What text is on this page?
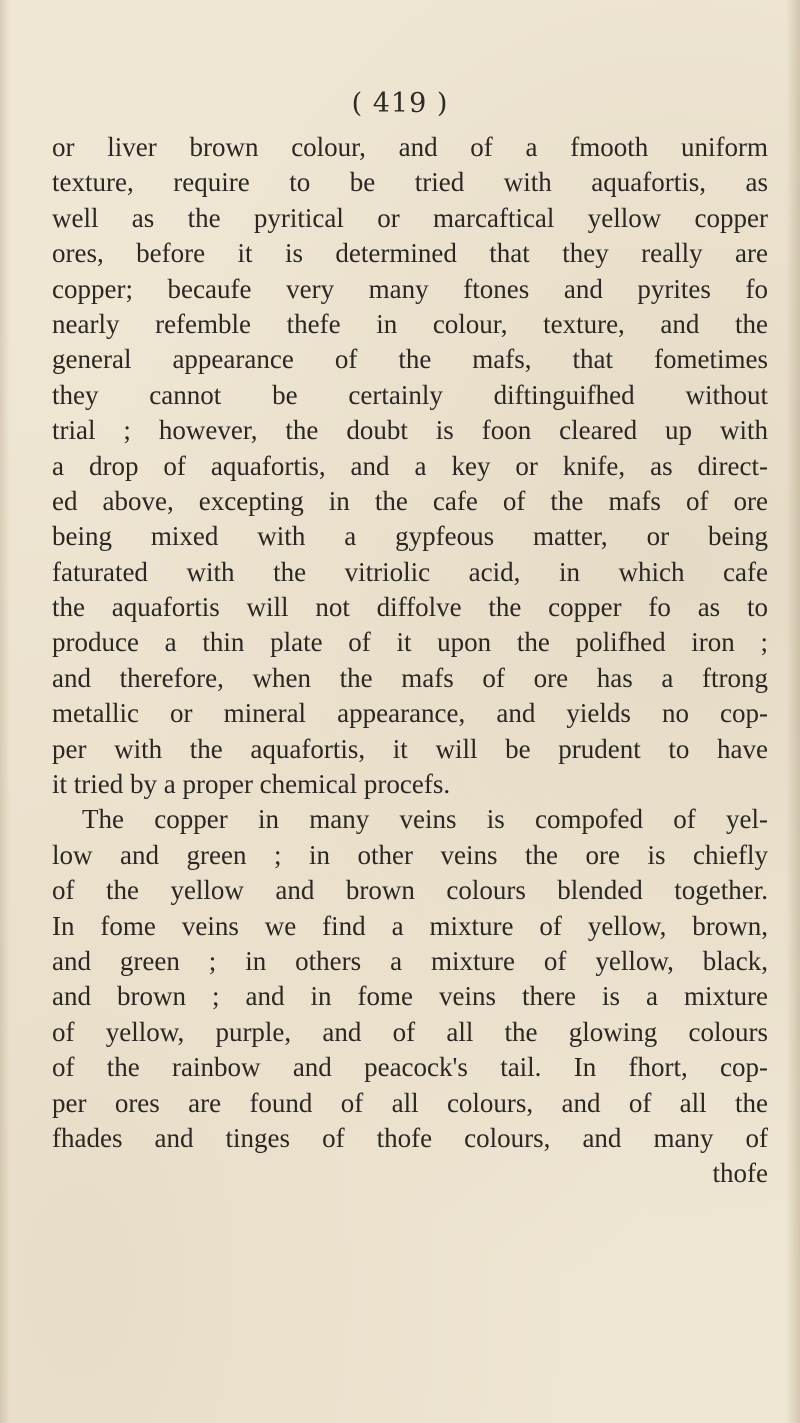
( 419 )
or liver brown colour, and of a fmooth uniform
texture, require to be tried with aquafortis, as
well as the pyritical or marcaftical yellow copper
ores, before it is determined that they really are
copper; becaufe very many ftones and pyrites fo
nearly refemble thefe in colour, texture, and the
general appearance of the mafs, that fometimes
they cannot be certainly diftinguifhed without
trial ; however, the doubt is foon cleared up with
a drop of aquafortis, and a key or knife, as direct-
ed above, excepting in the cafe of the mafs of ore
being mixed with a gypfeous matter, or being
faturated with the vitriolic acid, in which cafe
the aquafortis will not diffolve the copper fo as to
produce a thin plate of it upon the polifhed iron ;
and therefore, when the mafs of ore has a ftrong
metallic or mineral appearance, and yields no cop-
per with the aquafortis, it will be prudent to have
it tried by a proper chemical procefs.
The copper in many veins is compofed of yel-
low and green ; in other veins the ore is chiefly
of the yellow and brown colours blended together.
In fome veins we find a mixture of yellow, brown,
and green ; in others a mixture of yellow, black,
and brown ; and in fome veins there is a mixture
of yellow, purple, and of all the glowing colours
of the rainbow and peacock's tail. In fhort, cop-
per ores are found of all colours, and of all the
fhades and tinges of thofe colours, and many of
thofe
